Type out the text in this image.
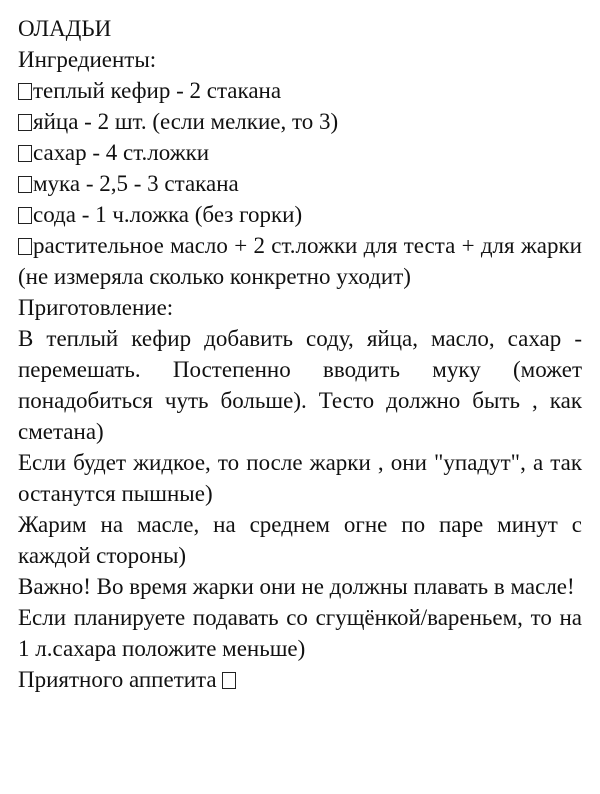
ОЛАДЬИ

Ингредиенты:

теплый кефир - 2 стакана

яйца - 2 шт. (если мелкие, то 3)

сахар - 4 ст.ложки

мука - 2,5 - 3 стакана

сода - 1 ч.ложка (без горки)

растительное масло + 2 ст.ложки для теста + для жарки (не измеряла сколько конкретно уходит)

Приготовление:

В теплый кефир добавить соду, яйца, масло, сахар - перемешать. Постепенно вводить муку (может понадобиться чуть больше). Тесто должно быть , как сметана)

Если будет жидкое, то после жарки , они "упадут", а так останутся пышные)

Жарим на масле, на среднем огне по паре минут с каждой стороны)

Важно! Во время жарки они не должны плавать в масле!

Если планируете подавать со сгущёнкой/вареньем, то на 1 л.сахара положите меньше)

Приятного аппетита
